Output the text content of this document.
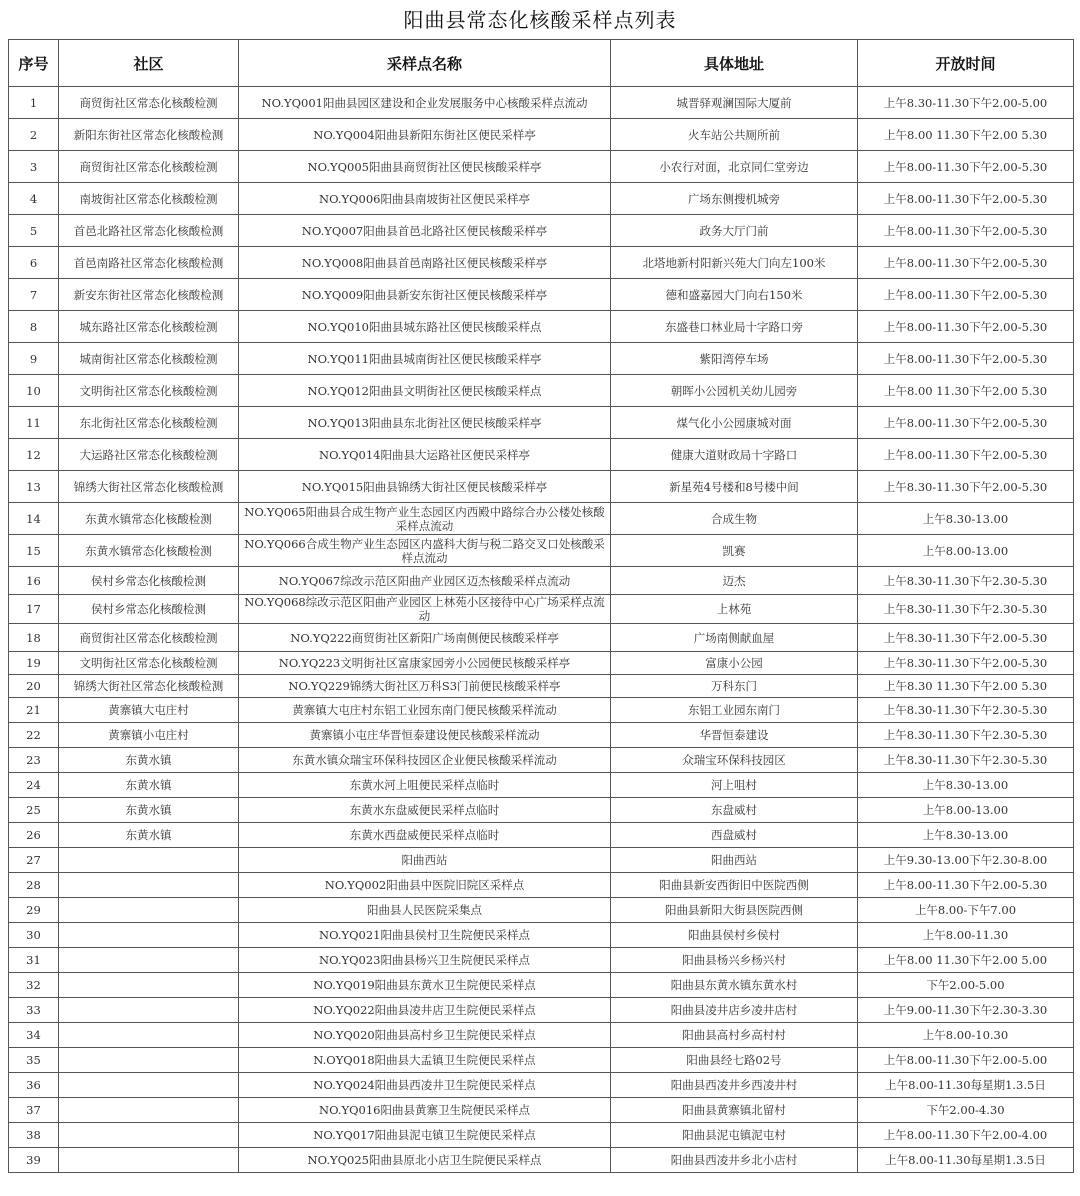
阳曲县常态化核酸采样点列表
序号	社区	采样点名称	具体地址	开放时间
1	商贸街社区常态化核酸检测	NO.YQ001阳曲县园区建设和企业发展服务中心核酸采样点流动	城晋驿观澜国际大厦前	上午8.30-11.30下午2.00-5.00
2	新阳东街社区常态化核酸检测	NO.YQ004阳曲县新阳东街社区便民采样亭	火车站公共厕所前	上午8.00 11.30下午2.00 5.30
3	商贸街社区常态化核酸检测	NO.YQ005阳曲县商贸街社区便民核酸采样亭	小农行对面，北京同仁堂旁边	上午8.00-11.30下午2.00-5.30
4	南坡街社区常态化核酸检测	NO.YQ006阳曲县南坡街社区便民采样亭	广场东侧搜机城旁	上午8.00-11.30下午2.00-5.30
5	首邑北路社区常态化核酸检测	NO.YQ007阳曲县首邑北路社区便民核酸采样亭	政务大厅门前	上午8.00-11.30下午2.00-5.30
6	首邑南路社区常态化核酸检测	NO.YQ008阳曲县首邑南路社区便民核酸采样亭	北塔地新村阳新兴苑大门向左100米	上午8.00-11.30下午2.00-5.30
7	新安东街社区常态化核酸检测	NO.YQ009阳曲县新安东街社区便民核酸采样亭	德和盛嘉园大门向右150米	上午8.00-11.30下午2.00-5.30
8	城东路社区常态化核酸检测	NO.YQ010阳曲县城东路社区便民核酸采样点	东盛巷口林业局十字路口旁	上午8.00-11.30下午2.00-5.30
9	城南街社区常态化核酸检测	NO.YQ011阳曲县城南街社区便民核酸采样亭	紫阳湾停车场	上午8.00-11.30下午2.00-5.30
10	文明街社区常态化核酸检测	NO.YQ012阳曲县文明街社区便民核酸采样点	朝晖小公园机关幼儿园旁	上午8.00 11.30下午2.00 5.30
11	东北街社区常态化核酸检测	NO.YQ013阳曲县东北街社区便民核酸采样亭	煤气化小公园康城对面	上午8.00-11.30下午2.00-5.30
12	大运路社区常态化核酸检测	NO.YQ014阳曲县大运路社区便民采样亭	健康大道财政局十字路口	上午8.00-11.30下午2.00-5.30
13	锦绣大街社区常态化核酸检测	NO.YQ015阳曲县锦绣大街社区便民核酸采样亭	新星苑4号楼和8号楼中间	上午8.30-11.30下午2.00-5.30
14	东黄水镇常态化核酸检测	NO.YQ065阳曲县合成生物产业生态园区内西殿中路综合办公楼处核酸采样点流动	合成生物	上午8.30-13.00
15	东黄水镇常态化核酸检测	NO.YQ066合成生物产业生态园区内盛科大街与税二路交叉口处核酸采样点流动	凯赛	上午8.00-13.00
16	侯村乡常态化核酸检测	NO.YQ067综改示范区阳曲产业园区迈杰核酸采样点流动	迈杰	上午8.30-11.30下午2.30-5.30
17	侯村乡常态化核酸检测	NO.YQ068综改示范区阳曲产业园区上林苑小区接待中心广场采样点流动	上林苑	上午8.30-11.30下午2.30-5.30
18	商贸街社区常态化核酸检测	NO.YQ222商贸街社区新阳广场南侧便民核酸采样亭	广场南侧献血屋	上午8.30-11.30下午2.00-5.30
19	文明街社区常态化核酸检测	NO.YQ223文明街社区富康家园旁小公园便民核酸采样亭	富康小公园	上午8.30-11.30下午2.00-5.30
20	锦绣大街社区常态化核酸检测	NO.YQ229锦绣大街社区万科S3门前便民核酸采样亭	万科东门	上午8.30 11.30下午2.00 5.30
21	黄寨镇大屯庄村	黄寨镇大屯庄村东铝工业园东南门便民核酸采样流动	东铝工业园东南门	上午8.30-11.30下午2.30-5.30
22	黄寨镇小屯庄村	黄寨镇小屯庄华晋恒泰建设便民核酸采样流动	华晋恒泰建设	上午8.30-11.30下午2.30-5.30
23	东黄水镇	东黄水镇众瑞宝环保科技园区企业便民核酸采样流动	众瑞宝环保科技园区	上午8.30-11.30下午2.30-5.30
24	东黄水镇	东黄水河上咀便民采样点临时	河上咀村	上午8.30-13.00
25	东黄水镇	东黄水东盘威便民采样点临时	东盘威村	上午8.00-13.00
26	东黄水镇	东黄水西盘威便民采样点临时	西盘威村	上午8.30-13.00
27		阳曲西站	阳曲西站	上午9.30-13.00下午2.30-8.00
28		NO.YQ002阳曲县中医院旧院区采样点	阳曲县新安西街旧中医院西侧	上午8.00-11.30下午2.00-5.30
29		阳曲县人民医院采集点	阳曲县新阳大街县医院西侧	上午8.00-下午7.00
30		NO.YQ021阳曲县侯村卫生院便民采样点	阳曲县侯村乡侯村	上午8.00-11.30
31		NO.YQ023阳曲县杨兴卫生院便民采样点	阳曲县杨兴乡杨兴村	上午8.00 11.30下午2.00 5.00
32		NO.YQ019阳曲县东黄水卫生院便民采样点	阳曲县东黄水镇东黄水村	下午2.00-5.00
33		NO.YQ022阳曲县凌井店卫生院便民采样点	阳曲县凌井店乡凌井店村	上午9.00-11.30下午2.30-3.30
34		NO.YQ020阳曲县高村乡卫生院便民采样点	阳曲县高村乡高村村	上午8.00-10.30
35		N.OYQ018阳曲县大盂镇卫生院便民采样点	阳曲县经七路02号	上午8.00-11.30下午2.00-5.00
36		NO.YQ024阳曲县西凌井卫生院便民采样点	阳曲县西凌井乡西凌井村	上午8.00-11.30每星期1.3.5日
37		NO.YQ016阳曲县黄寨卫生院便民采样点	阳曲县黄寨镇北留村	下午2.00-4.30
38		NO.YQ017阳曲县泥屯镇卫生院便民采样点	阳曲县泥屯镇泥屯村	上午8.00-11.30下午2.00-4.00
39		NO.YQ025阳曲县原北小店卫生院便民采样点	阳曲县西凌井乡北小店村	上午8.00-11.30每星期1.3.5日
